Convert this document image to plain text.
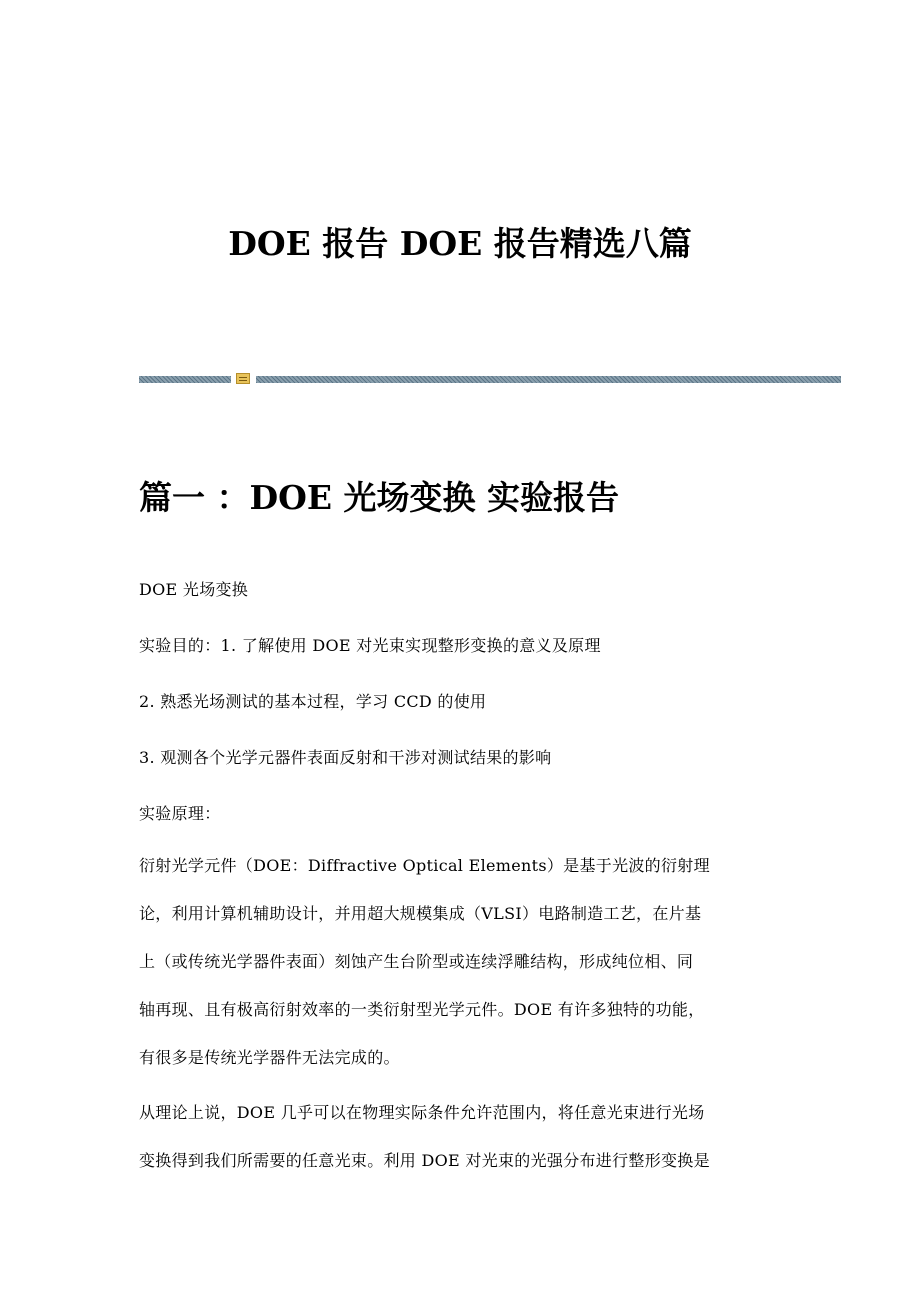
DOE 报告 DOE 报告精选八篇
篇一 ：DOE 光场变换 实验报告
DOE 光场变换
实验目的：1. 了解使用 DOE 对光束实现整形变换的意义及原理
2. 熟悉光场测试的基本过程，学习 CCD 的使用
3. 观测各个光学元器件表面反射和干涉对测试结果的影响
实验原理：
衍射光学元件（DOE：Diffractive Optical Elements）是基于光波的衍射理
论，利用计算机辅助设计，并用超大规模集成（VLSI）电路制造工艺，在片基
上（或传统光学器件表面）刻蚀产生台阶型或连续浮雕结构，形成纯位相、同
轴再现、且有极高衍射效率的一类衍射型光学元件。DOE 有许多独特的功能，
有很多是传统光学器件无法完成的。
从理论上说，DOE 几乎可以在物理实际条件允许范围内，将任意光束进行光场
变换得到我们所需要的任意光束。利用 DOE 对光束的光强分布进行整形变换是
